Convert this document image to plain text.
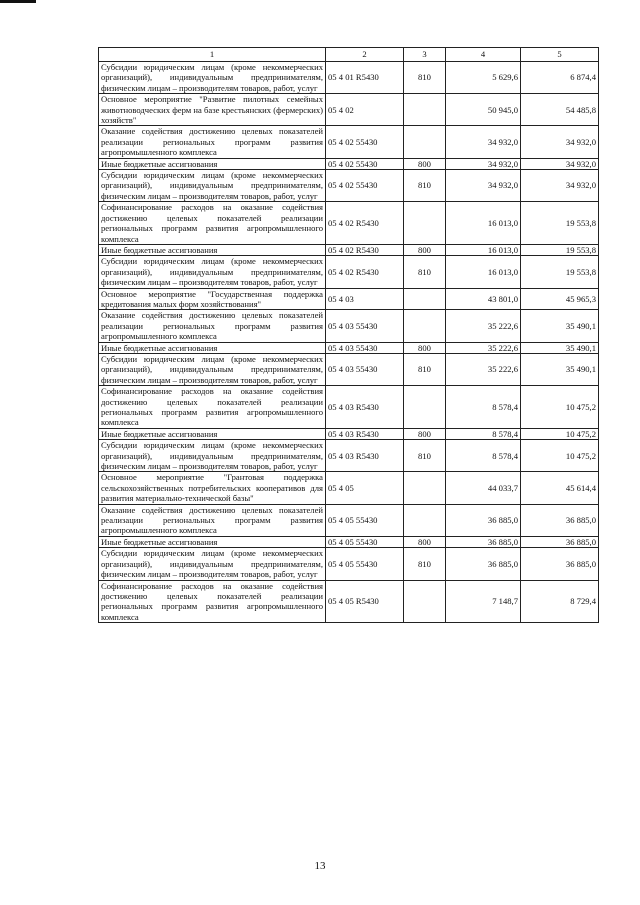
1	2	3	4	5
Субсидии юридическим лицам (кроме некоммерческих организаций), индивидуальным предпринимателям, физическим лицам – производителям товаров, работ, услуг	05 4 01 R5430	810	5 629,6	6 874,4
Основное мероприятие "Развитие пилотных семейных животноводческих ферм на базе крестьянских (фермерских) хозяйств"	05 4 02		50 945,0	54 485,8
Оказание содействия достижению целевых показателей реализации региональных программ развития агропромышленного комплекса	05 4 02 55430		34 932,0	34 932,0
Иные бюджетные ассигнования	05 4 02 55430	800	34 932,0	34 932,0
Субсидии юридическим лицам (кроме некоммерческих организаций), индивидуальным предпринимателям, физическим лицам – производителям товаров, работ, услуг	05 4 02 55430	810	34 932,0	34 932,0
Софинансирование расходов на оказание содействия достижению целевых показателей реализации региональных программ развития агропромышленного комплекса	05 4 02 R5430		16 013,0	19 553,8
Иные бюджетные ассигнования	05 4 02 R5430	800	16 013,0	19 553,8
Субсидии юридическим лицам (кроме некоммерческих организаций), индивидуальным предпринимателям, физическим лицам – производителям товаров, работ, услуг	05 4 02 R5430	810	16 013,0	19 553,8
Основное мероприятие "Государственная поддержка кредитования малых форм хозяйствования"	05 4 03		43 801,0	45 965,3
Оказание содействия достижению целевых показателей реализации региональных программ развития агропромышленного комплекса	05 4 03 55430		35 222,6	35 490,1
Иные бюджетные ассигнования	05 4 03 55430	800	35 222,6	35 490,1
Субсидии юридическим лицам (кроме некоммерческих организаций), индивидуальным предпринимателям, физическим лицам – производителям товаров, работ, услуг	05 4 03 55430	810	35 222,6	35 490,1
Софинансирование расходов на оказание содействия достижению целевых показателей реализации региональных программ развития агропромышленного комплекса	05 4 03 R5430		8 578,4	10 475,2
Иные бюджетные ассигнования	05 4 03 R5430	800	8 578,4	10 475,2
Субсидии юридическим лицам (кроме некоммерческих организаций), индивидуальным предпринимателям, физическим лицам – производителям товаров, работ, услуг	05 4 03 R5430	810	8 578,4	10 475,2
Основное мероприятие "Грантовая поддержка сельскохозяйственных потребительских кооперативов для развития материально-технической базы"	05 4 05		44 033,7	45 614,4
Оказание содействия достижению целевых показателей реализации региональных программ развития агропромышленного комплекса	05 4 05 55430		36 885,0	36 885,0
Иные бюджетные ассигнования	05 4 05 55430	800	36 885,0	36 885,0
Субсидии юридическим лицам (кроме некоммерческих организаций), индивидуальным предпринимателям, физическим лицам – производителям товаров, работ, услуг	05 4 05 55430	810	36 885,0	36 885,0
Софинансирование расходов на оказание содействия достижению целевых показателей реализации региональных программ развития агропромышленного комплекса	05 4 05 R5430		7 148,7	8 729,4
13
